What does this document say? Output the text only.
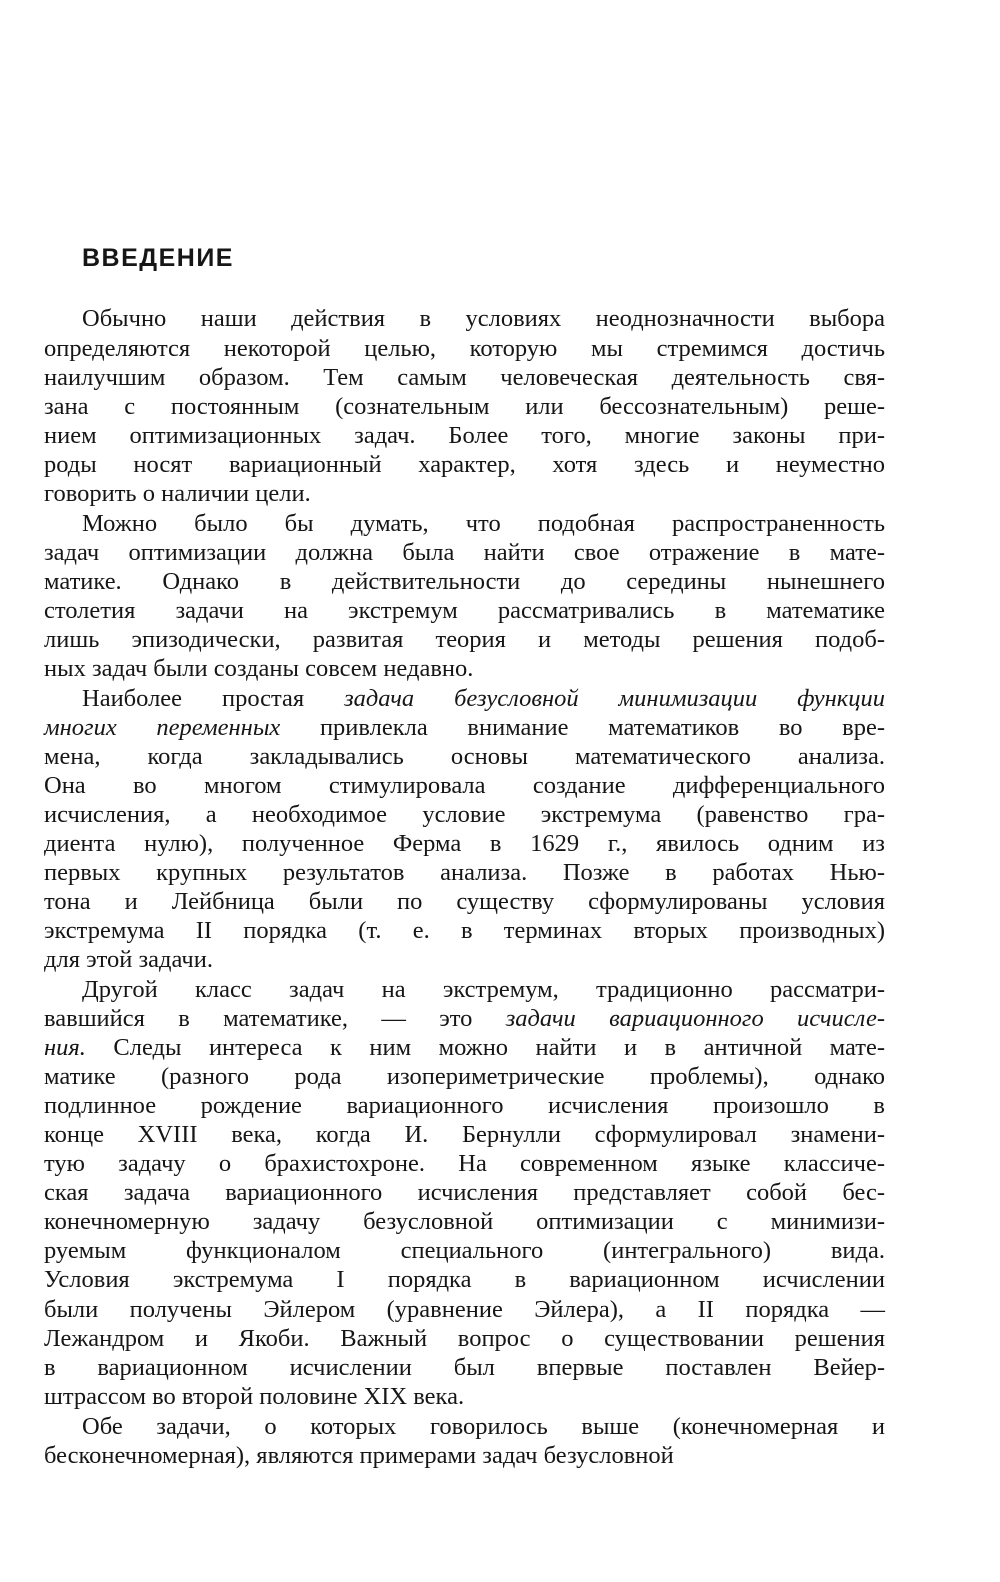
ВВЕДЕНИЕ
Обычно наши действия в условиях неоднозначности выбора
определяются некоторой целью, которую мы стремимся достичь
наилучшим образом. Тем самым человеческая деятельность свя-
зана с постоянным (сознательным или бессознательным) реше-
нием оптимизационных задач. Более того, многие законы при-
роды носят вариационный характер, хотя здесь и неуместно
говорить о наличии цели.
Можно было бы думать, что подобная распространенность
задач оптимизации должна была найти свое отражение в мате-
матике. Однако в действительности до середины нынешнего
столетия задачи на экстремум рассматривались в математике
лишь эпизодически, развитая теория и методы решения подоб-
ных задач были созданы совсем недавно.
Наиболее простая задача безусловной минимизации функции
многих переменных привлекла внимание математиков во вре-
мена, когда закладывались основы математического анализа.
Она во многом стимулировала создание дифференциального
исчисления, а необходимое условие экстремума (равенство гра-
диента нулю), полученное Ферма в 1629 г., явилось одним из
первых крупных результатов анализа. Позже в работах Нью-
тона и Лейбница были по существу сформулированы условия
экстремума II порядка (т. е. в терминах вторых производных)
для этой задачи.
Другой класс задач на экстремум, традиционно рассматри-
вавшийся в математике, — это задачи вариационного исчисле-
ния. Следы интереса к ним можно найти и в античной мате-
матике (разного рода изопериметрические проблемы), однако
подлинное рождение вариационного исчисления произошло в
конце XVIII века, когда И. Бернулли сформулировал знамени-
тую задачу о брахистохроне. На современном языке классиче-
ская задача вариационного исчисления представляет собой бес-
конечномерную задачу безусловной оптимизации с минимизи-
руемым функционалом специального (интегрального) вида.
Условия экстремума I порядка в вариационном исчислении
были получены Эйлером (уравнение Эйлера), а II порядка —
Лежандром и Якоби. Важный вопрос о существовании решения
в вариационном исчислении был впервые поставлен Вейер-
штрассом во второй половине XIX века.
Обе задачи, о которых говорилось выше (конечномерная и
бесконечномерная), являются примерами задач безусловной
